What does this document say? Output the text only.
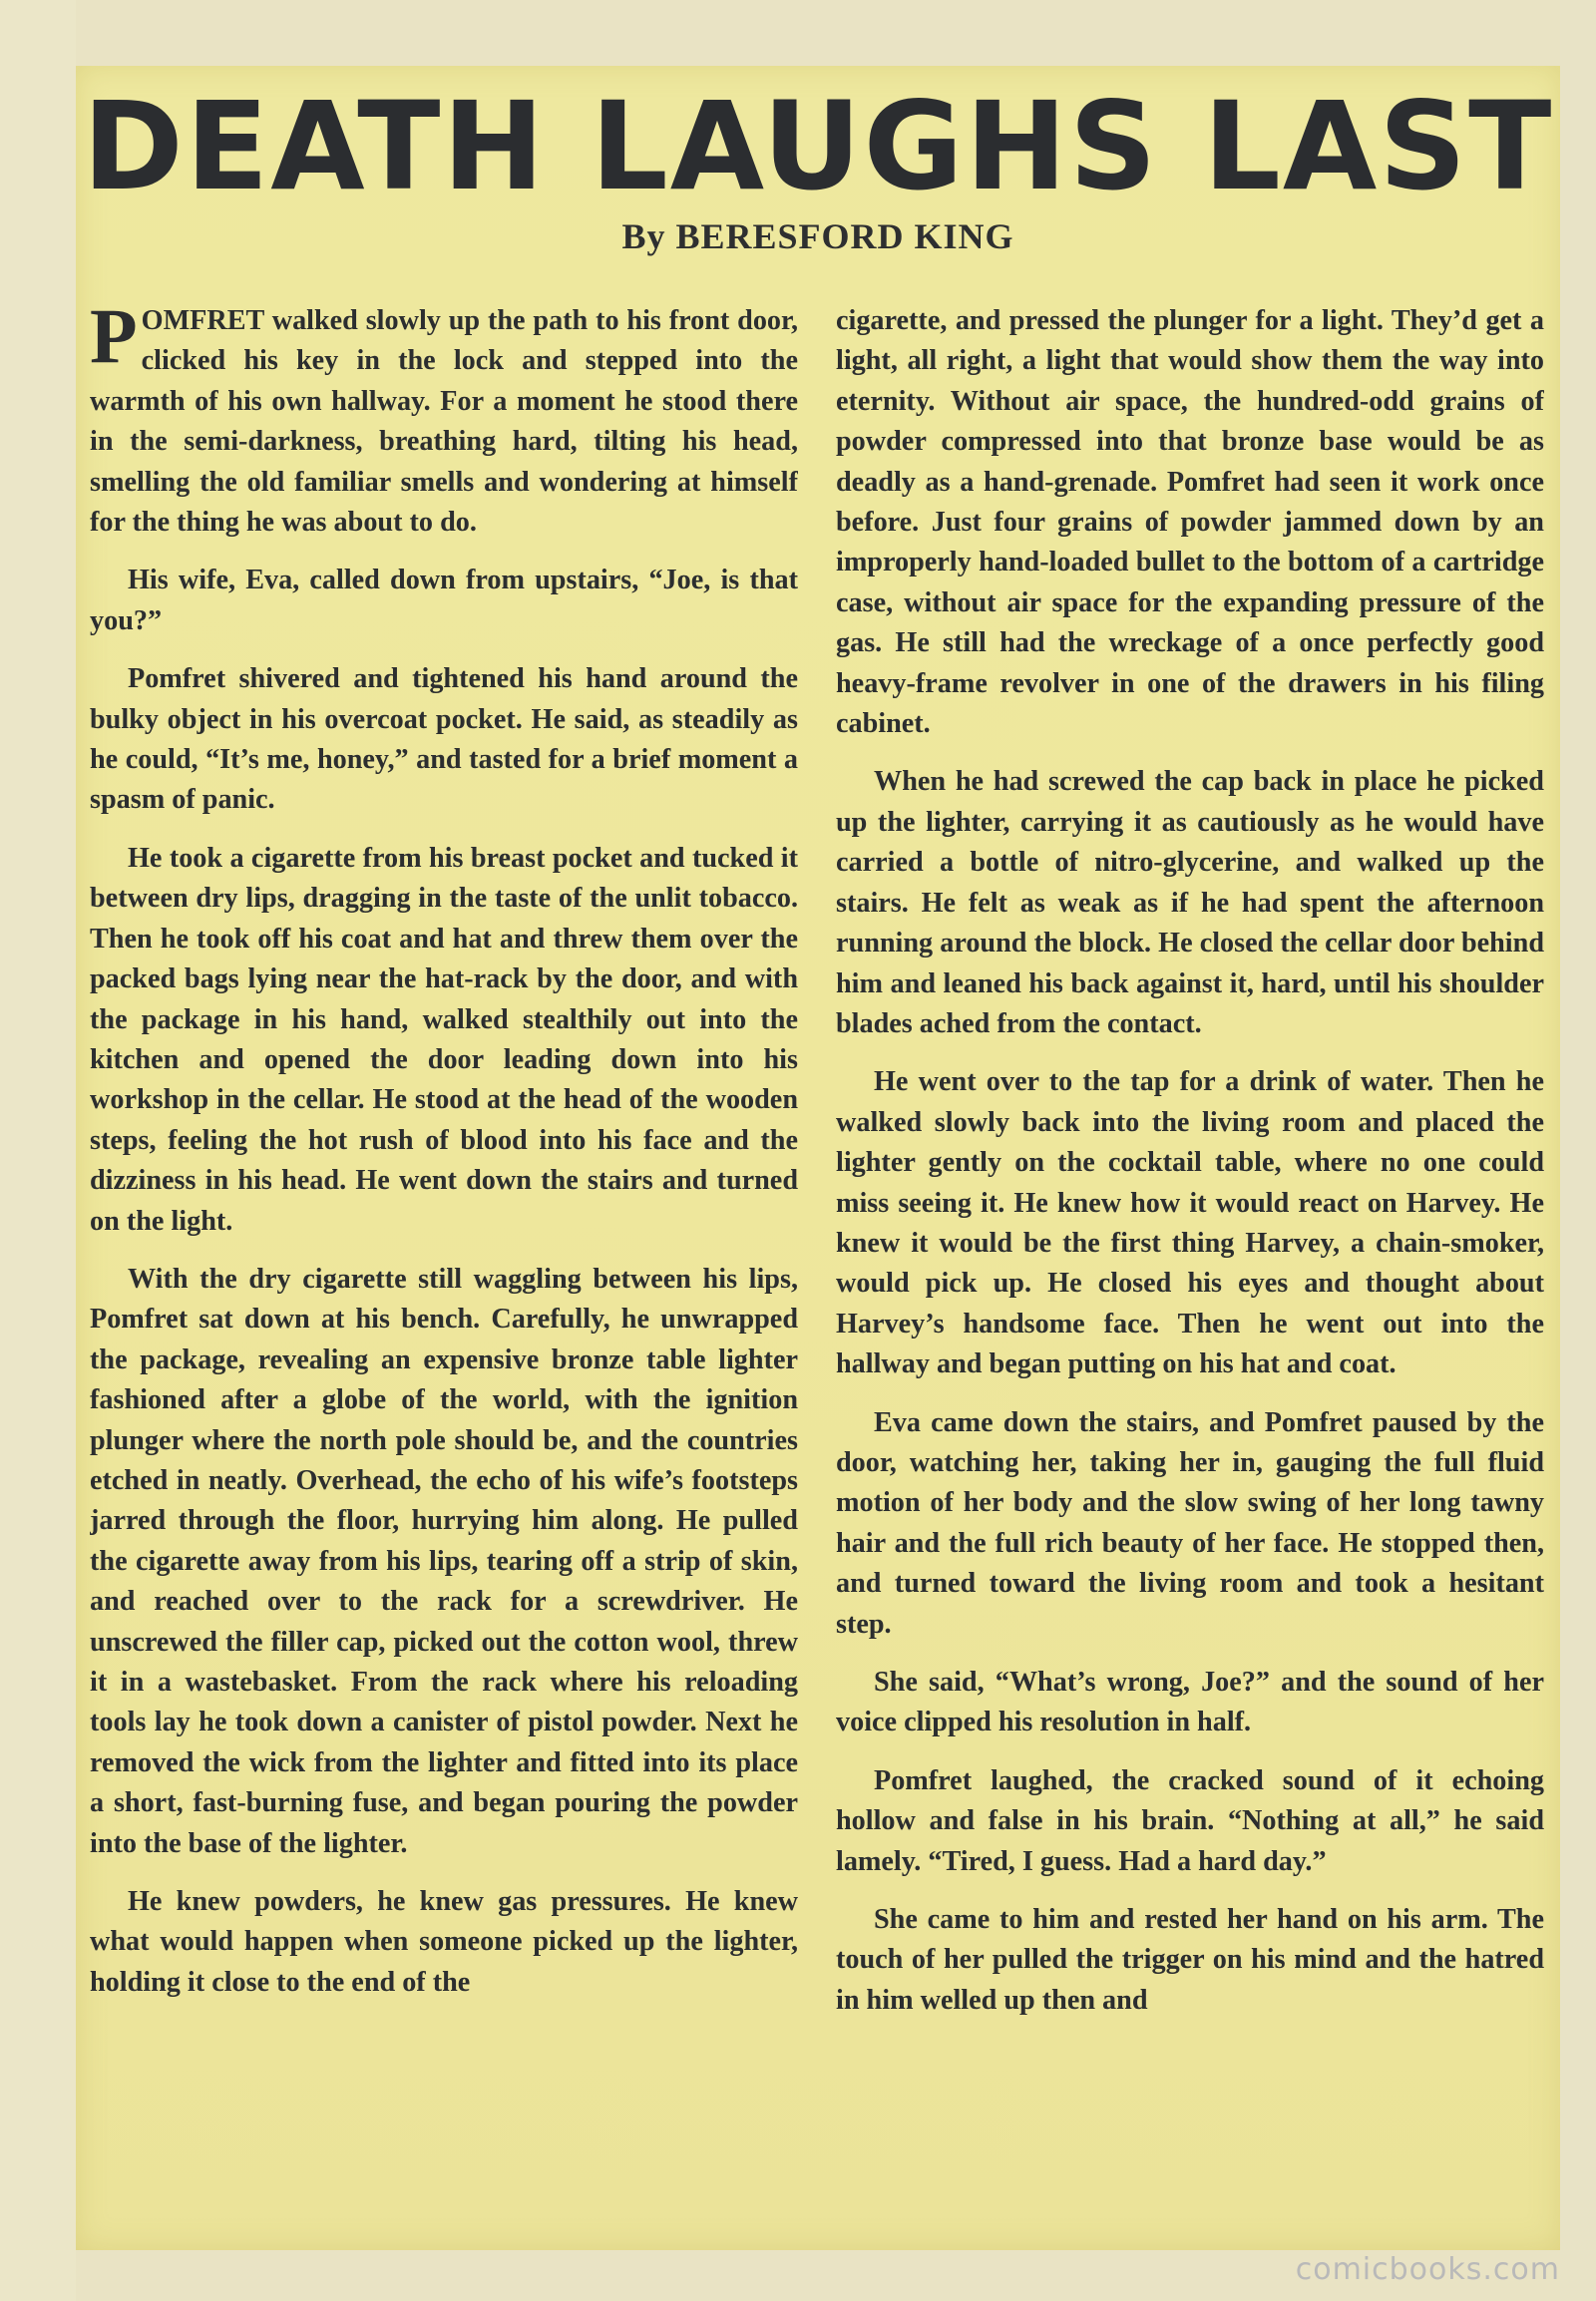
DEATH LAUGHS LAST
By BERESFORD KING

POMFRET walked slowly up the path to his front door, clicked his key in the lock and stepped into the warmth of his own hallway. For a moment he stood there in the semi-darkness, breathing hard, tilting his head, smelling the old familiar smells and wondering at himself for the thing he was about to do.

His wife, Eva, called down from upstairs, “Joe, is that you?”

Pomfret shivered and tightened his hand around the bulky object in his overcoat pocket. He said, as steadily as he could, “It’s me, honey,” and tasted for a brief moment a spasm of panic.

He took a cigarette from his breast pocket and tucked it between dry lips, dragging in the taste of the unlit tobacco. Then he took off his coat and hat and threw them over the packed bags lying near the hat-rack by the door, and with the package in his hand, walked stealthily out into the kitchen and opened the door leading down into his workshop in the cellar. He stood at the head of the wooden steps, feeling the hot rush of blood into his face and the dizziness in his head. He went down the stairs and turned on the light.

With the dry cigarette still waggling between his lips, Pomfret sat down at his bench. Carefully, he unwrapped the package, revealing an expensive bronze table lighter fashioned after a globe of the world, with the ignition plunger where the north pole should be, and the countries etched in neatly. Overhead, the echo of his wife’s footsteps jarred through the floor, hurrying him along. He pulled the cigarette away from his lips, tearing off a strip of skin, and reached over to the rack for a screwdriver. He unscrewed the filler cap, picked out the cotton wool, threw it in a wastebasket. From the rack where his reloading tools lay he took down a canister of pistol powder. Next he removed the wick from the lighter and fitted into its place a short, fast-burning fuse, and began pouring the powder into the base of the lighter.

He knew powders, he knew gas pressures. He knew what would happen when someone picked up the lighter, holding it close to the end of the

cigarette, and pressed the plunger for a light. They’d get a light, all right, a light that would show them the way into eternity. Without air space, the hundred-odd grains of powder compressed into that bronze base would be as deadly as a hand-grenade. Pomfret had seen it work once before. Just four grains of powder jammed down by an improperly hand-loaded bullet to the bottom of a cartridge case, without air space for the expanding pressure of the gas. He still had the wreckage of a once perfectly good heavy-frame revolver in one of the drawers in his filing cabinet.

When he had screwed the cap back in place he picked up the lighter, carrying it as cautiously as he would have carried a bottle of nitro-glycerine, and walked up the stairs. He felt as weak as if he had spent the afternoon running around the block. He closed the cellar door behind him and leaned his back against it, hard, until his shoulder blades ached from the contact.

He went over to the tap for a drink of water. Then he walked slowly back into the living room and placed the lighter gently on the cocktail table, where no one could miss seeing it. He knew how it would react on Harvey. He knew it would be the first thing Harvey, a chain-smoker, would pick up. He closed his eyes and thought about Harvey’s handsome face. Then he went out into the hallway and began putting on his hat and coat.

Eva came down the stairs, and Pomfret paused by the door, watching her, taking her in, gauging the full fluid motion of her body and the slow swing of her long tawny hair and the full rich beauty of her face. He stopped then, and turned toward the living room and took a hesitant step.

She said, “What’s wrong, Joe?” and the sound of her voice clipped his resolution in half.

Pomfret laughed, the cracked sound of it echoing hollow and false in his brain. “Nothing at all,” he said lamely. “Tired, I guess. Had a hard day.”

She came to him and rested her hand on his arm. The touch of her pulled the trigger on his mind and the hatred in him welled up then and

comicbooks.com
